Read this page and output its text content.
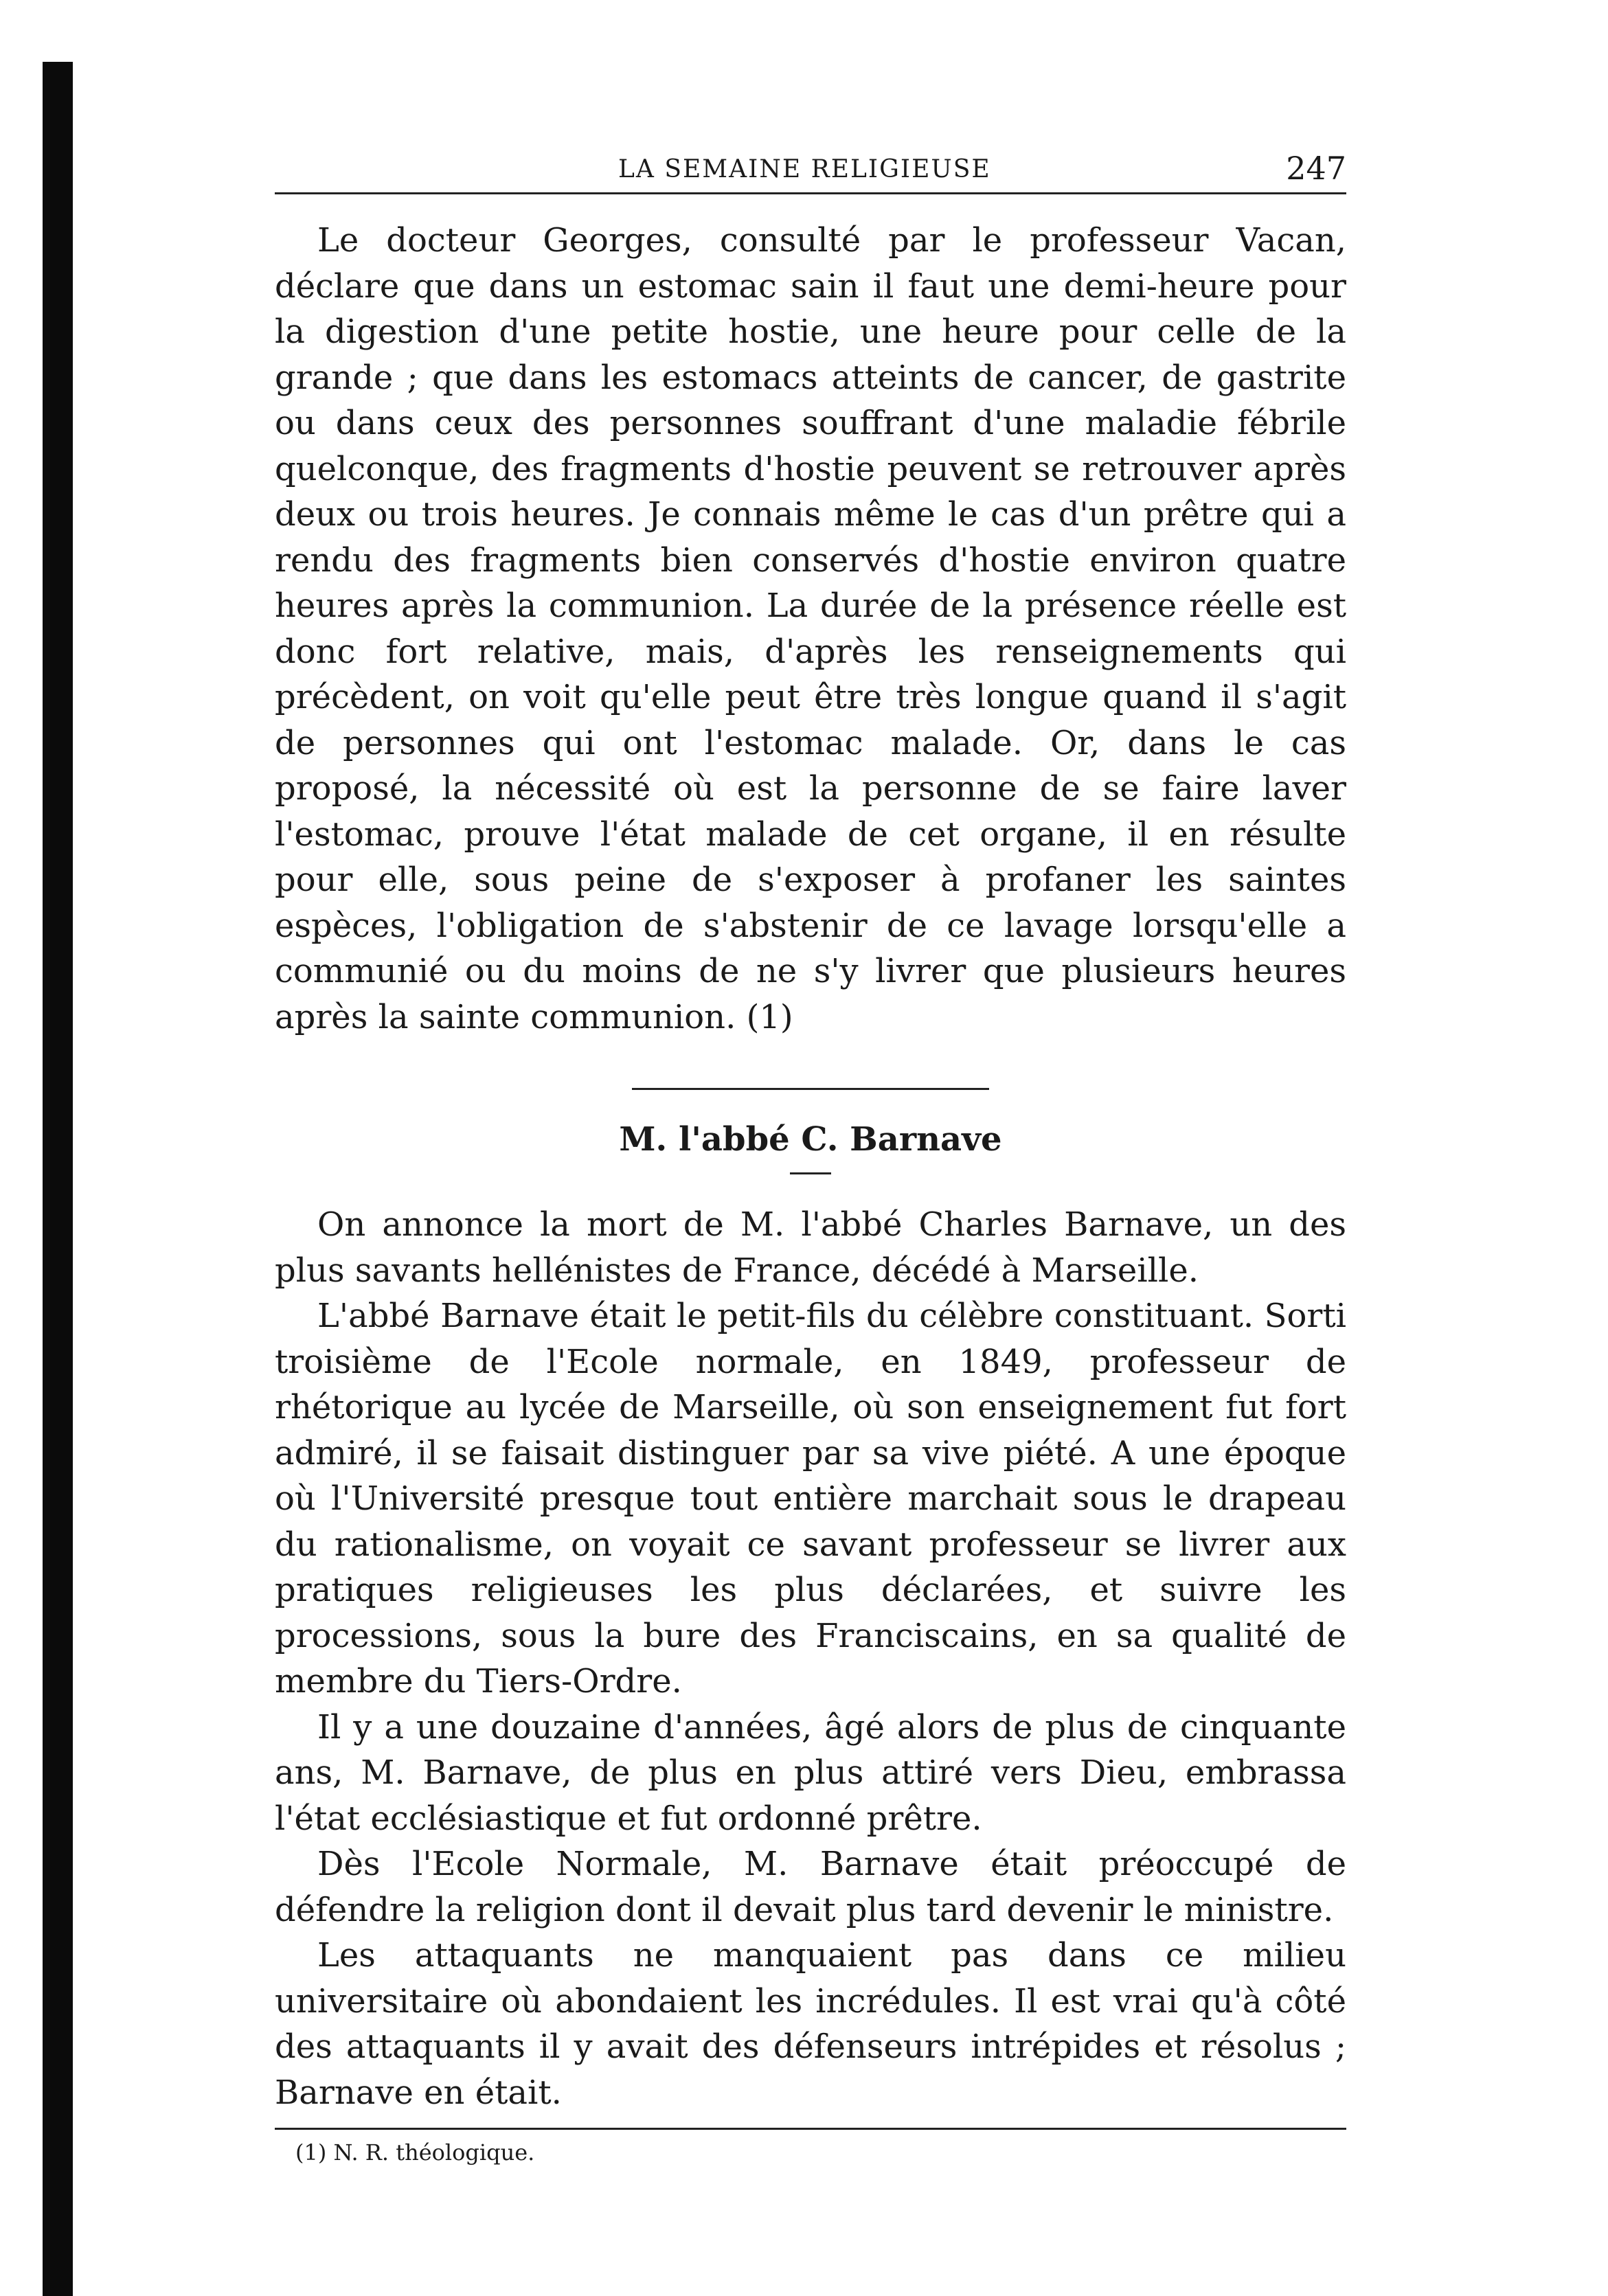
LA SEMAINE RELIGIEUSE	247

Le docteur Georges, consulté par le professeur Vacan, déclare que dans un estomac sain il faut une demi-heure pour la digestion d'une petite hostie, une heure pour celle de la grande ; que dans les estomacs atteints de cancer, de gastrite ou dans ceux des personnes souffrant d'une maladie fébrile quelconque, des fragments d'hostie peuvent se retrouver après deux ou trois heures. Je connais même le cas d'un prêtre qui a rendu des fragments bien conservés d'hostie environ quatre heures après la communion. La durée de la présence réelle est donc fort relative, mais, d'après les renseignements qui précèdent, on voit qu'elle peut être très longue quand il s'agit de personnes qui ont l'estomac malade. Or, dans le cas proposé, la nécessité où est la personne de se faire laver l'estomac, prouve l'état malade de cet organe, il en résulte pour elle, sous peine de s'exposer à profaner les saintes espèces, l'obligation de s'abstenir de ce lavage lorsqu'elle a communié ou du moins de ne s'y livrer que plusieurs heures après la sainte communion. (1)

M. l'abbé C. Barnave

On annonce la mort de M. l'abbé Charles Barnave, un des plus savants hellénistes de France, décédé à Marseille.

L'abbé Barnave était le petit-fils du célèbre constituant. Sorti troisième de l'Ecole normale, en 1849, professeur de rhétorique au lycée de Marseille, où son enseignement fut fort admiré, il se faisait distinguer par sa vive piété. A une époque où l'Université presque tout entière marchait sous le drapeau du rationalisme, on voyait ce savant professeur se livrer aux pratiques religieuses les plus déclarées, et suivre les processions, sous la bure des Franciscains, en sa qualité de membre du Tiers-Ordre.

Il y a une douzaine d'années, âgé alors de plus de cinquante ans, M. Barnave, de plus en plus attiré vers Dieu, embrassa l'état ecclésiastique et fut ordonné prêtre.

Dès l'Ecole Normale, M. Barnave était préoccupé de défendre la religion dont il devait plus tard devenir le ministre.

Les attaquants ne manquaient pas dans ce milieu universitaire où abondaient les incrédules. Il est vrai qu'à côté des attaquants il y avait des défenseurs intrépides et résolus ; Barnave en était.

(1) N. R. théologique.
